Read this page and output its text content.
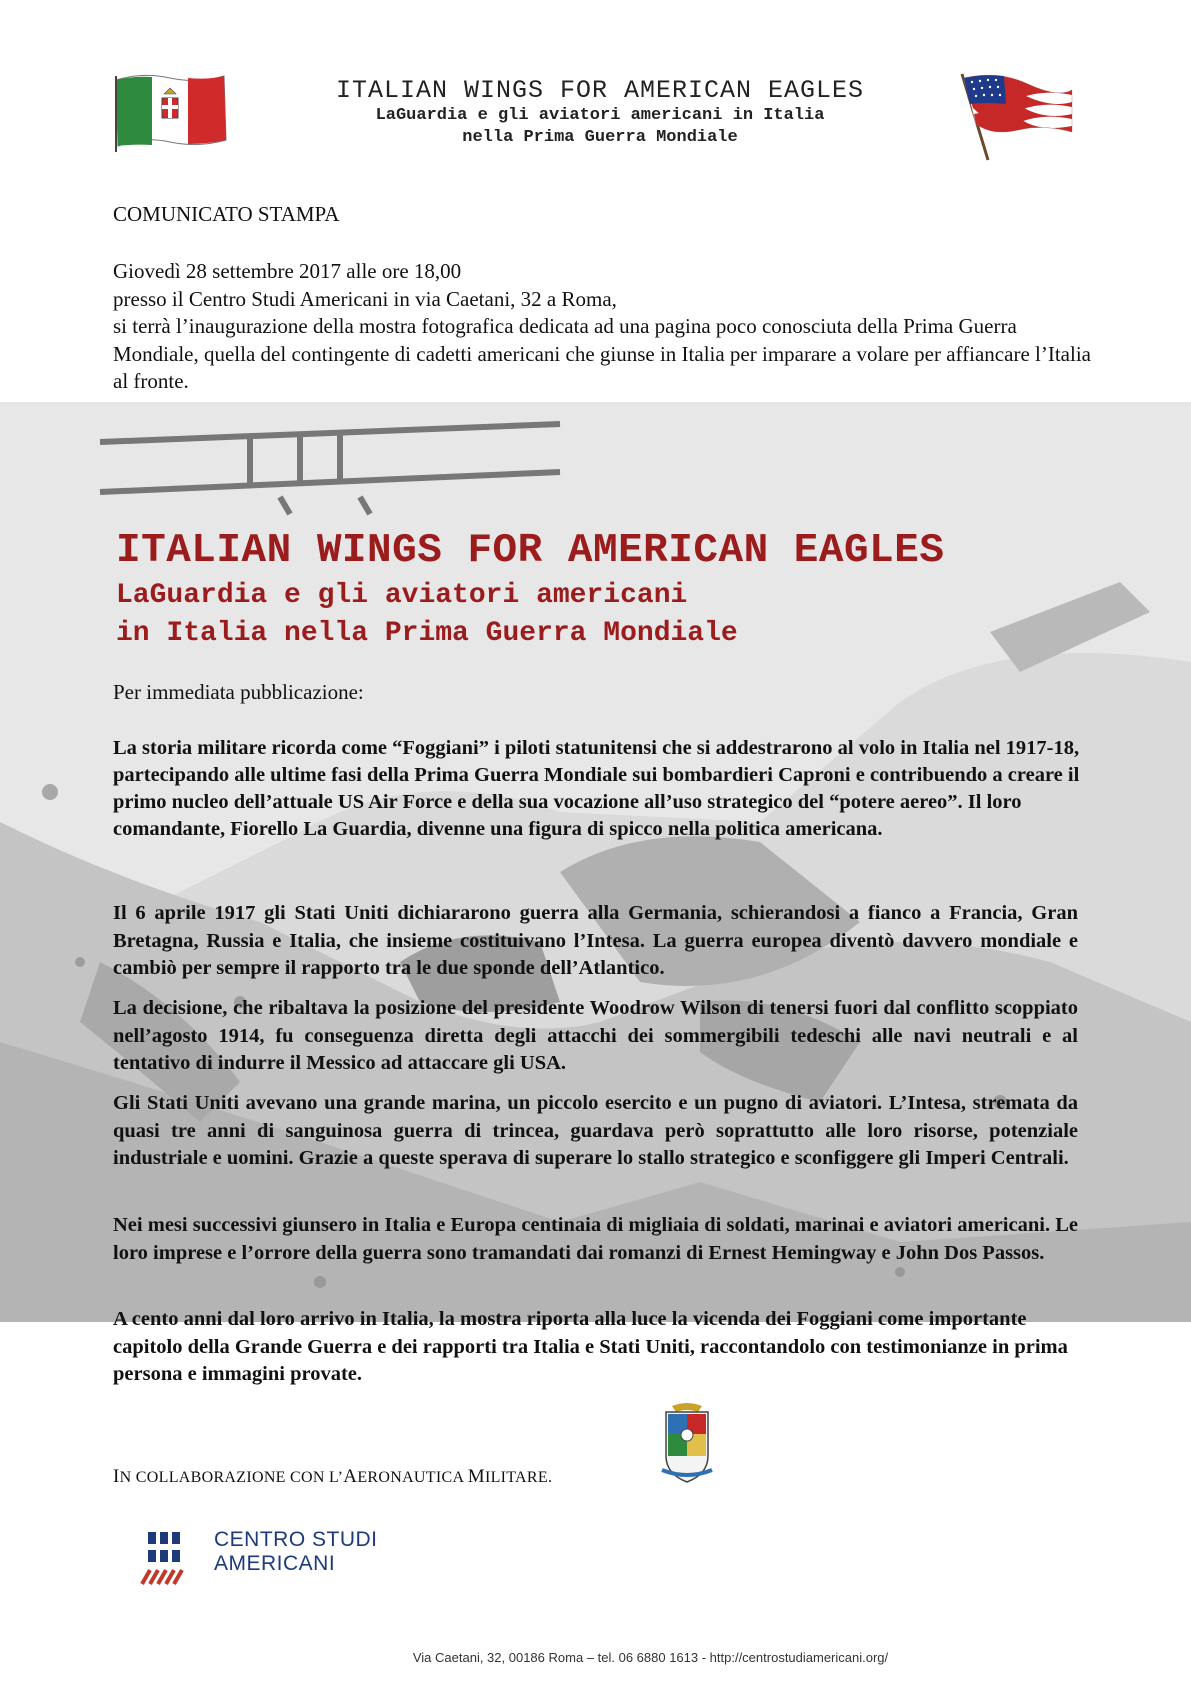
ITALIAN WINGS FOR AMERICAN EAGLES
LaGuardia e gli aviatori americani in Italia
nella Prima Guerra Mondiale
COMUNICATO STAMPA

Giovedì 28 settembre 2017 alle ore 18,00

presso il Centro Studi Americani in via Caetani, 32 a Roma,

si terrà l’inaugurazione della mostra fotografica dedicata ad una pagina poco conosciuta della Prima Guerra Mondiale, quella del contingente di cadetti americani che giunse in Italia per imparare a volare per affiancare l’Italia al fronte.

ITALIAN WINGS FOR AMERICAN EAGLES
LaGuardia e gli aviatori americani
in Italia nella Prima Guerra Mondiale
Per immediata pubblicazione:
La storia militare ricorda come “Foggiani” i piloti statunitensi che si addestrarono al volo in Italia nel 1917-18, partecipando alle ultime fasi della Prima Guerra Mondiale sui bombardieri Caproni e contribuendo a creare il primo nucleo dell’attuale US Air Force e della sua vocazione all’uso strategico del “potere aereo”. Il loro comandante, Fiorello La Guardia, divenne una figura di spicco nella politica americana.

Il 6 aprile 1917 gli Stati Uniti dichiararono guerra alla Germania, schierandosi a fianco a Francia, Gran Bretagna, Russia e Italia, che insieme costituivano l’Intesa. La guerra europea diventò davvero mondiale e cambiò per sempre il rapporto tra le due sponde dell’Atlantico.

La decisione, che ribaltava la posizione del presidente Woodrow Wilson di tenersi fuori dal conflitto scoppiato nell’agosto 1914, fu conseguenza diretta degli attacchi dei sommergibili tedeschi alle navi neutrali e al tentativo di indurre il Messico ad attaccare gli USA.

Gli Stati Uniti avevano una grande marina, un piccolo esercito e un pugno di aviatori. L’Intesa, stremata da quasi tre anni di sanguinosa guerra di trincea, guardava però soprattutto alle loro risorse, potenziale industriale e uomini. Grazie a queste sperava di superare lo stallo strategico e sconfiggere gli Imperi Centrali.

Nei mesi successivi giunsero in Italia e Europa centinaia di migliaia di soldati, marinai e aviatori americani. Le loro imprese e l’orrore della guerra sono tramandati dai romanzi di Ernest Hemingway e John Dos Passos.

A cento anni dal loro arrivo in Italia, la mostra riporta alla luce la vicenda dei Foggiani come importante capitolo della Grande Guerra e dei rapporti tra Italia e Stati Uniti, raccontandolo con testimonianze in prima persona e immagini provate.

IN COLLABORAZIONE CON L’AERONAUTICA MILITARE.
CENTRO STUDI
AMERICANI
Via Caetani, 32, 00186 Roma – tel. 06 6880 1613 - http://centrostudiamericani.org/
